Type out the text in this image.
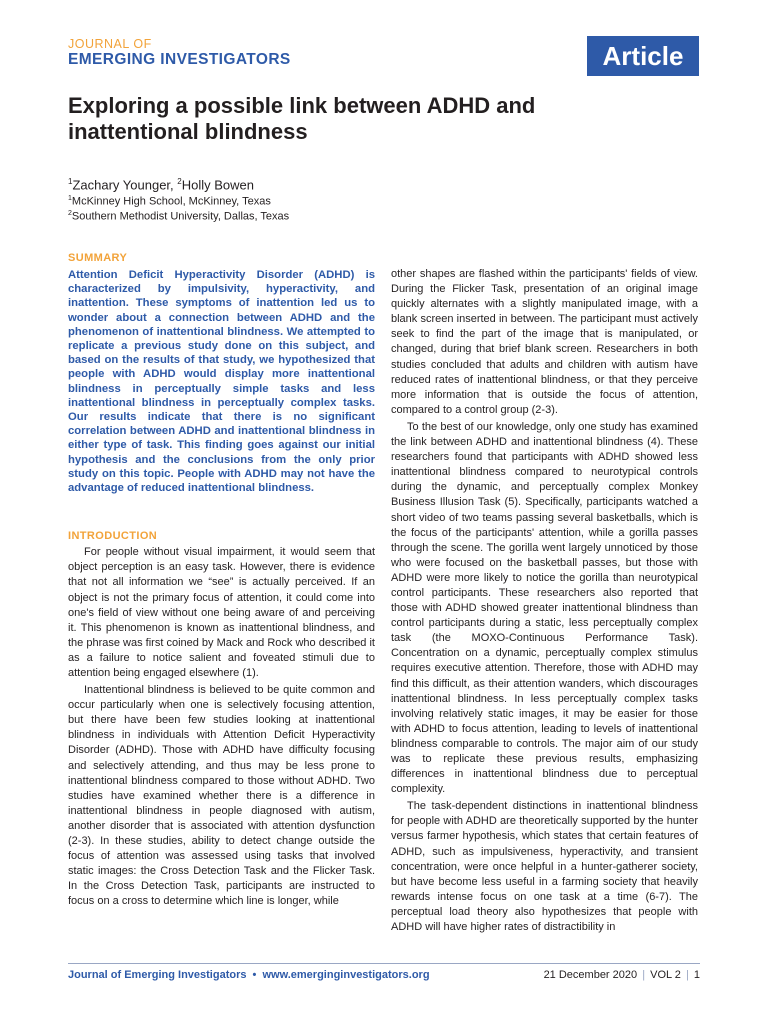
JOURNAL OF
EMERGING INVESTIGATORS	Article
Exploring a possible link between ADHD and inattentional blindness
$^1$Zachary Younger, $^2$Holly Bowen
$^1$McKinney High School, McKinney, Texas
$^2$Southern Methodist University, Dallas, Texas
SUMMARY

Attention Deficit Hyperactivity Disorder (ADHD) is characterized by impulsivity, hyperactivity, and inattention. These symptoms of inattention led us to wonder about a connection between ADHD and the phenomenon of inattentional blindness. We attempted to replicate a previous study done on this subject, and based on the results of that study, we hypothesized that people with ADHD would display more inattentional blindness in perceptually simple tasks and less inattentional blindness in perceptually complex tasks. Our results indicate that there is no significant correlation between ADHD and inattentional blindness in either type of task. This finding goes against our initial hypothesis and the conclusions from the only prior study on this topic. People with ADHD may not have the advantage of reduced inattentional blindness.

INTRODUCTION

For people without visual impairment, it would seem that object perception is an easy task. However, there is evidence that not all information we “see” is actually perceived. If an object is not the primary focus of attention, it could come into one's field of view without one being aware of and perceiving it. This phenomenon is known as inattentional blindness, and the phrase was first coined by Mack and Rock who described it as a failure to notice salient and foveated stimuli due to attention being engaged elsewhere (1).

Inattentional blindness is believed to be quite common and occur particularly when one is selectively focusing attention, but there have been few studies looking at inattentional blindness in individuals with Attention Deficit Hyperactivity Disorder (ADHD). Those with ADHD have difficulty focusing and selectively attending, and thus may be less prone to inattentional blindness compared to those without ADHD. Two studies have examined whether there is a difference in inattentional blindness in people diagnosed with autism, another disorder that is associated with attention dysfunction (2-3). In these studies, ability to detect change outside the focus of attention was assessed using tasks that involved static images: the Cross Detection Task and the Flicker Task. In the Cross Detection Task, participants are instructed to focus on a cross to determine which line is longer, while

other shapes are flashed within the participants' fields of view. During the Flicker Task, presentation of an original image quickly alternates with a slightly manipulated image, with a blank screen inserted in between. The participant must actively seek to find the part of the image that is manipulated, or changed, during that brief blank screen. Researchers in both studies concluded that adults and children with autism have reduced rates of inattentional blindness, or that they perceive more information that is outside the focus of attention, compared to a control group (2-3).

To the best of our knowledge, only one study has examined the link between ADHD and inattentional blindness (4). These researchers found that participants with ADHD showed less inattentional blindness compared to neurotypical controls during the dynamic, and perceptually complex Monkey Business Illusion Task (5). Specifically, participants watched a short video of two teams passing several basketballs, which is the focus of the participants' attention, while a gorilla passes through the scene. The gorilla went largely unnoticed by those who were focused on the basketball passes, but those with ADHD were more likely to notice the gorilla than neurotypical control participants. These researchers also reported that those with ADHD showed greater inattentional blindness than control participants during a static, less perceptually complex task (the MOXO-Continuous Performance Task). Concentration on a dynamic, perceptually complex stimulus requires executive attention. Therefore, those with ADHD may find this difficult, as their attention wanders, which discourages inattentional blindness. In less perceptually complex tasks involving relatively static images, it may be easier for those with ADHD to focus attention, leading to levels of inattentional blindness comparable to controls. The major aim of our study was to replicate these previous results, emphasizing differences in inattentional blindness due to perceptual complexity.

The task-dependent distinctions in inattentional blindness for people with ADHD are theoretically supported by the hunter versus farmer hypothesis, which states that certain features of ADHD, such as impulsiveness, hyperactivity, and transient concentration, were once helpful in a hunter-gatherer society, but have become less useful in a farming society that heavily rewards intense focus on one task at a time (6-7). The perceptual load theory also hypothesizes that people with ADHD will have higher rates of distractibility in

Journal of Emerging Investigators • www.emerginginvestigators.org	21 December 2020 | VOL 2 | 1
